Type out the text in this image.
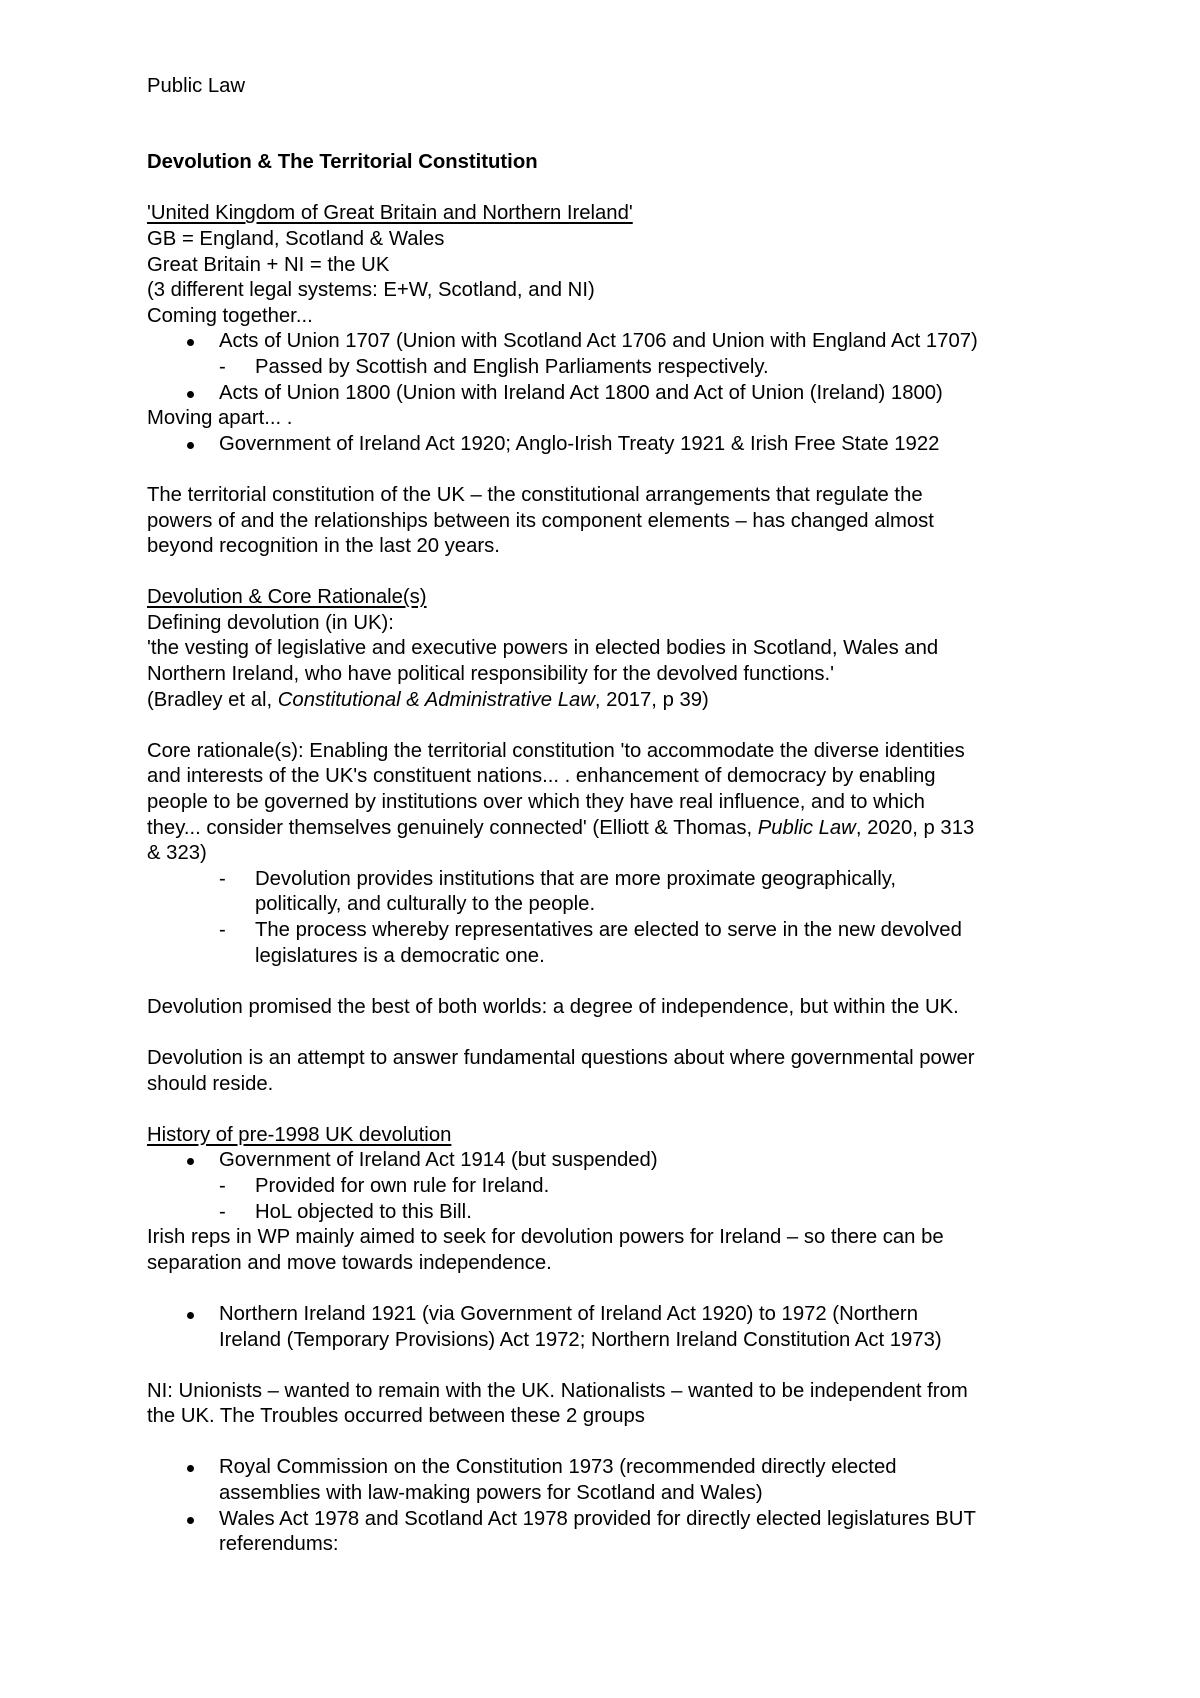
Public Law
Devolution & The Territorial Constitution
'United Kingdom of Great Britain and Northern Ireland'
GB = England, Scotland & Wales
Great Britain + NI = the UK
(3 different legal systems: E+W, Scotland, and NI)
Coming together...
Acts of Union 1707 (Union with Scotland Act 1706 and Union with England Act 1707)
- Passed by Scottish and English Parliaments respectively.
Acts of Union 1800 (Union with Ireland Act 1800 and Act of Union (Ireland) 1800)
Moving apart... .
Government of Ireland Act 1920; Anglo-Irish Treaty 1921 & Irish Free State 1922
The territorial constitution of the UK – the constitutional arrangements that regulate the
powers of and the relationships between its component elements – has changed almost
beyond recognition in the last 20 years.
Devolution & Core Rationale(s)
Defining devolution (in UK):
'the vesting of legislative and executive powers in elected bodies in Scotland, Wales and
Northern Ireland, who have political responsibility for the devolved functions.'
(Bradley et al, Constitutional & Administrative Law, 2017, p 39)
Core rationale(s): Enabling the territorial constitution 'to accommodate the diverse identities
and interests of the UK's constituent nations... . enhancement of democracy by enabling
people to be governed by institutions over which they have real influence, and to which
they... consider themselves genuinely connected' (Elliott & Thomas, Public Law, 2020, p 313
& 323)
- Devolution provides institutions that are more proximate geographically,
politically, and culturally to the people.
- The process whereby representatives are elected to serve in the new devolved
legislatures is a democratic one.
Devolution promised the best of both worlds: a degree of independence, but within the UK.
Devolution is an attempt to answer fundamental questions about where governmental power
should reside.
History of pre-1998 UK devolution
Government of Ireland Act 1914 (but suspended)
- Provided for own rule for Ireland.
- HoL objected to this Bill.
Irish reps in WP mainly aimed to seek for devolution powers for Ireland – so there can be
separation and move towards independence.
Northern Ireland 1921 (via Government of Ireland Act 1920) to 1972 (Northern
Ireland (Temporary Provisions) Act 1972; Northern Ireland Constitution Act 1973)
NI: Unionists – wanted to remain with the UK. Nationalists – wanted to be independent from
the UK. The Troubles occurred between these 2 groups
Royal Commission on the Constitution 1973 (recommended directly elected
assemblies with law-making powers for Scotland and Wales)
Wales Act 1978 and Scotland Act 1978 provided for directly elected legislatures BUT
referendums:
